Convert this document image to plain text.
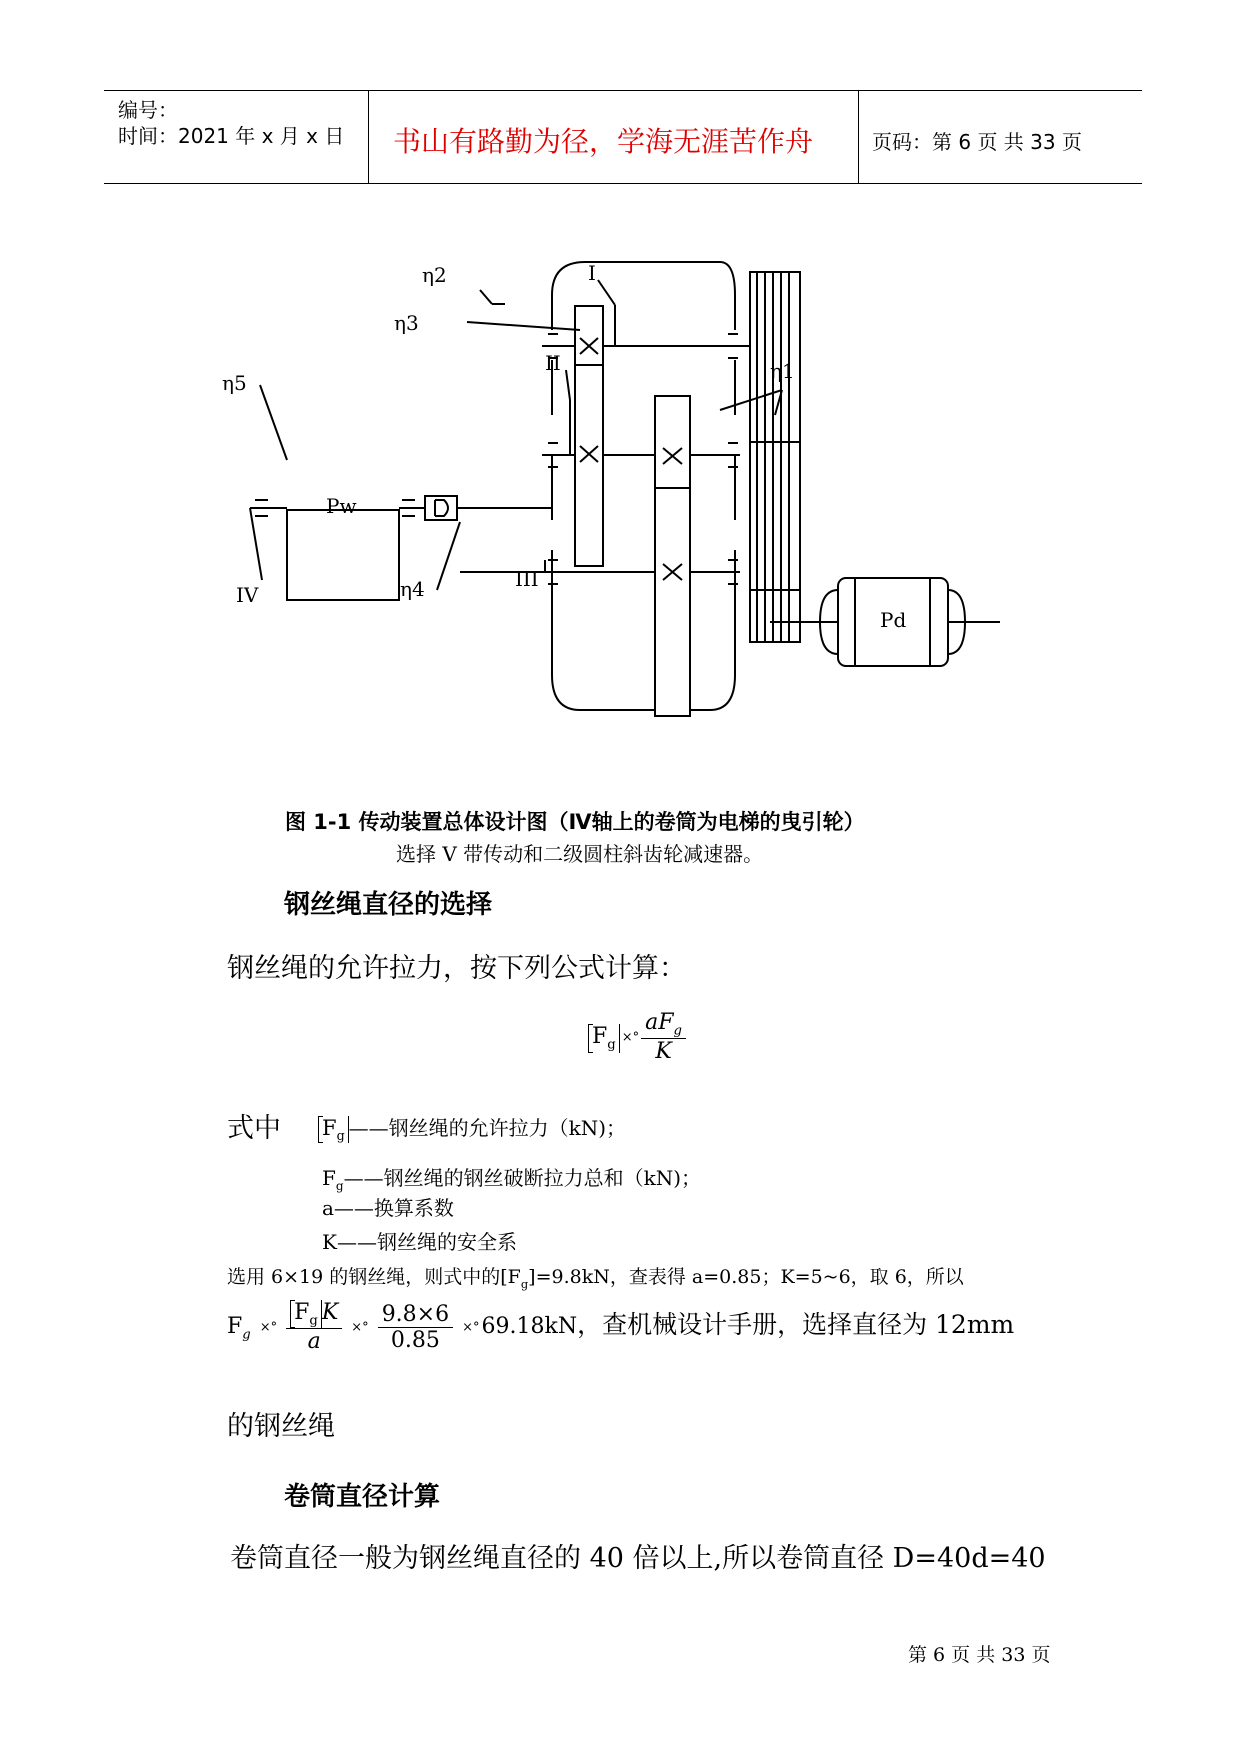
编号：
时间：2021 年 x 月 x 日 书山有路勤为径，学海无涯苦作舟	页码：第 6 页 共 33 页
η2
η3
I
II	η1
η5
Pw
Pd
III
IV	η4
图 1-1 传动装置总体设计图（Ⅳ轴上的卷筒为电梯的曳引轮）
选择 V 带传动和二级圆柱斜齿轮减速器。
钢丝绳直径的选择
钢丝绳的允许拉力，按下列公式计算：
$F_g\times^\circ \frac{aF_g}{K}$
式中 $F_g$ ——钢丝绳的允许拉力（kN)；
$F_g——$钢丝绳的钢丝破断拉力总和（kN)；
a——换算系数
K——钢丝绳的安全系
选用 6×19 的钢丝绳，则式中的$[F_g]=9.8kN$，查表得 a=0.85；K=5~6，取 6，所以
$F_g$ ×° $\frac{F_g K}{a}$ ×° $\frac{9.8\times 6}{0.85} \times^\circ 69.18kN$，查机械设计手册，选择直径为 12mm
的钢丝绳
卷筒直径计算
卷筒直径一般为钢丝绳直径的 40 倍以上,所以卷筒直径 D=40d=40
第 6 页 共 33 页
